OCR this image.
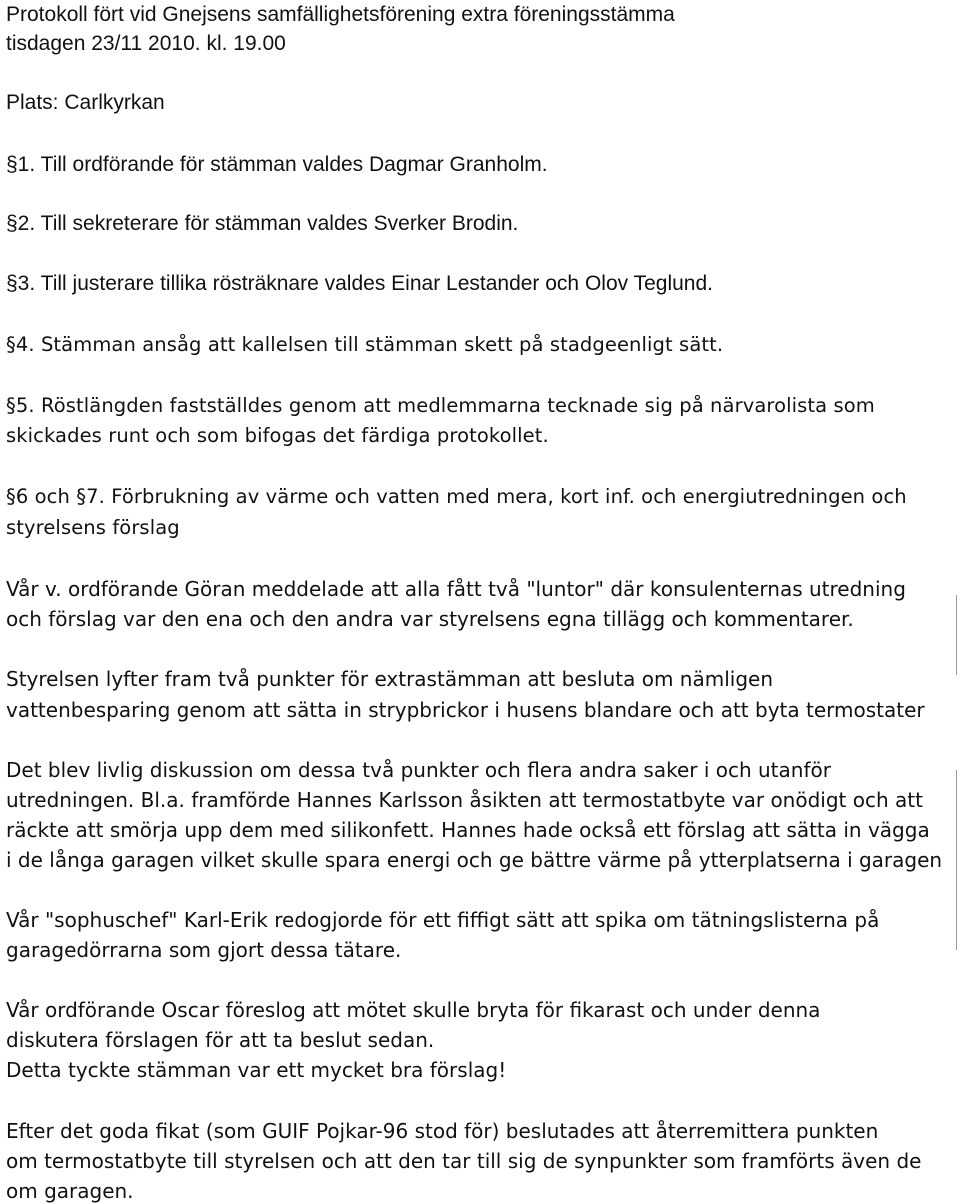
Protokoll fört vid Gnejsens samfällighetsförening extra föreningsstämma
tisdagen 23/11 2010. kl. 19.00
Plats: Carlkyrkan
§1. Till ordförande för stämman valdes Dagmar Granholm.
§2. Till sekreterare för stämman valdes Sverker Brodin.
§3. Till justerare tillika rösträknare valdes Einar Lestander och Olov Teglund.
§4. Stämman ansåg att kallelsen till stämman skett på stadgeenligt sätt.
§5. Röstlängden fastställdes genom att medlemmarna tecknade sig på närvarolista som
skickades runt och som bifogas det färdiga protokollet.
§6 och §7. Förbrukning av värme och vatten med mera, kort inf. och energiutredningen och
styrelsens förslag
Vår v. ordförande Göran meddelade att alla fått två "luntor" där konsulenternas utredning
och förslag var den ena och den andra var styrelsens egna tillägg och kommentarer.
Styrelsen lyfter fram två punkter för extrastämman att besluta om nämligen
vattenbesparing genom att sätta in strypbrickor i husens blandare och att byta termostater
Det blev livlig diskussion om dessa två punkter och flera andra saker i och utanför
utredningen. Bl.a. framförde Hannes Karlsson åsikten att termostatbyte var onödigt och att
räckte att smörja upp dem med silikonfett. Hannes hade också ett förslag att sätta in vägga
i de långa garagen vilket skulle spara energi och ge bättre värme på ytterplatserna i garagen
Vår "sophuschef" Karl-Erik redogjorde för ett fiffigt sätt att spika om tätningslisterna på
garagedörrarna som gjort dessa tätare.
Vår ordförande Oscar föreslog att mötet skulle bryta för fikarast och under denna
diskutera förslagen för att ta beslut sedan.
Detta tyckte stämman var ett mycket bra förslag!
Efter det goda fikat (som GUIF Pojkar-96 stod för) beslutades att återremittera punkten
om termostatbyte till styrelsen och att den tar till sig de synpunkter som framförts även de
om garagen.
